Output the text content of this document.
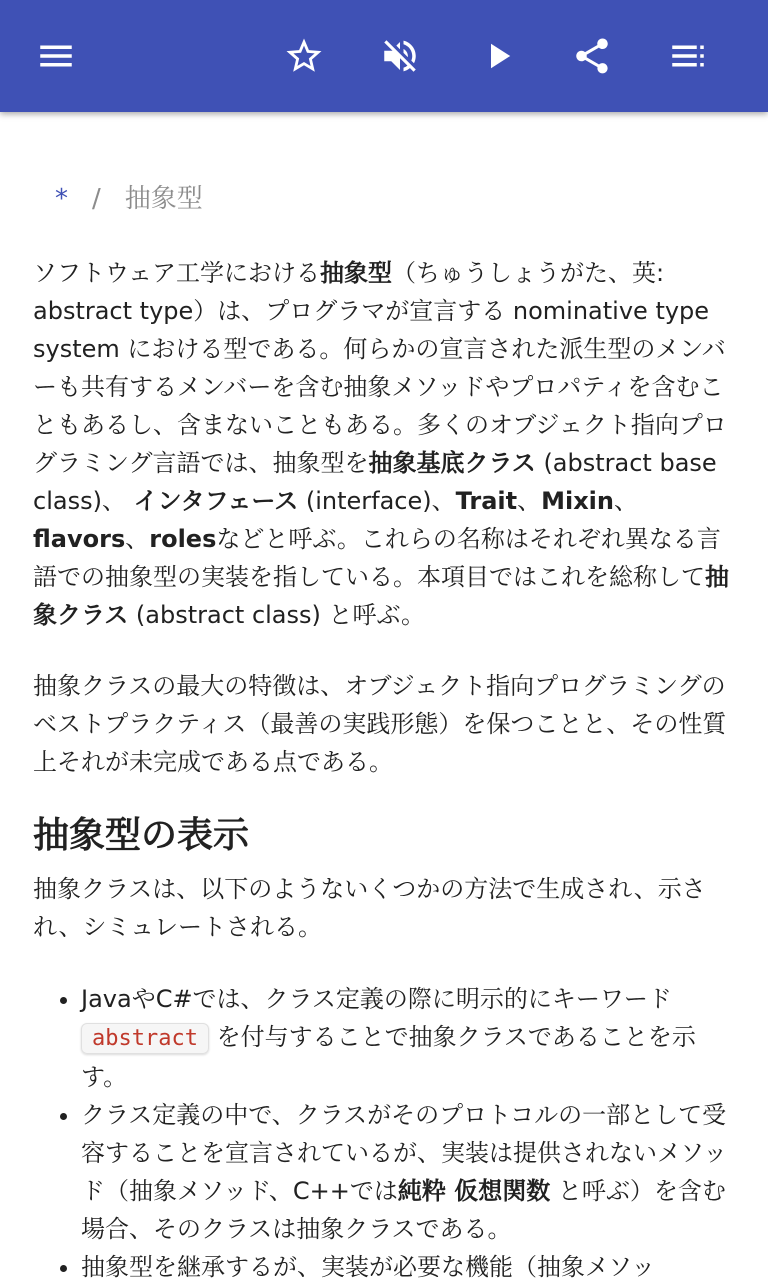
* / 抽象型

ソフトウェア工学における抽象型（ちゅうしょうがた、英: abstract type）は、プログラマが宣言する nominative type system における型である。何らかの宣言された派生型のメンバーも共有するメンバーを含む抽象メソッドやプロパティを含むこともあるし、含まないこともある。多くのオブジェクト指向プログラミング言語では、抽象型を抽象基底クラス (abstract base class)、 インタフェース (interface)、Trait、Mixin、flavors、rolesなどと呼ぶ。これらの名称はそれぞれ異なる言語での抽象型の実装を指している。本項目ではこれを総称して抽象クラス (abstract class) と呼ぶ。

抽象クラスの最大の特徴は、オブジェクト指向プログラミングのベストプラクティス（最善の実践形態）を保つことと、その性質上それが未完成である点である。

抽象型の表示

抽象クラスは、以下のようないくつかの方法で生成され、示され、シミュレートされる。

• JavaやC#では、クラス定義の際に明示的にキーワード abstract を付与することで抽象クラスであることを示す。
• クラス定義の中で、クラスがそのプロトコルの一部として受容することを宣言されているが、実装は提供されないメソッド（抽象メソッド、C++では純粋 仮想関数 と呼ぶ）を含む場合、そのクラスは抽象クラスである。
• 抽象型を継承するが、実装が必要な機能（抽象メソッ
